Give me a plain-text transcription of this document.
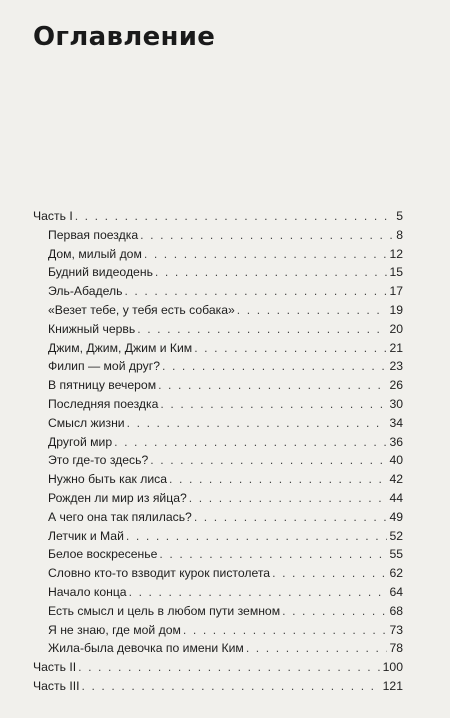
Оглавление
Часть I . . .	5
Первая поездка . . .	8
Дом, милый дом . . .	12
Будний видеодень . . .	15
Эль-Абадель . . .	17
«Везет тебе, у тебя есть собака» . . .	19
Книжный червь . . .	20
Джим, Джим, Джим и Ким . . .	21
Филип — мой друг? . . .	23
В пятницу вечером . . .	26
Последняя поездка . . .	30
Смысл жизни . . .	34
Другой мир . . .	36
Это где-то здесь? . . .	40
Нужно быть как лиса . . .	42
Рожден ли мир из яйца? . . .	44
А чего она так пялилась? . . .	49
Летчик и Май . . .	52
Белое воскресенье . . .	55
Словно кто-то взводит курок пистолета . . .	62
Начало конца . . .	64
Есть смысл и цель в любом пути земном . . .	68
Я не знаю, где мой дом . . .	73
Жила-была девочка по имени Ким . . .	78
Часть II . . .	100
Часть III . . .	121
